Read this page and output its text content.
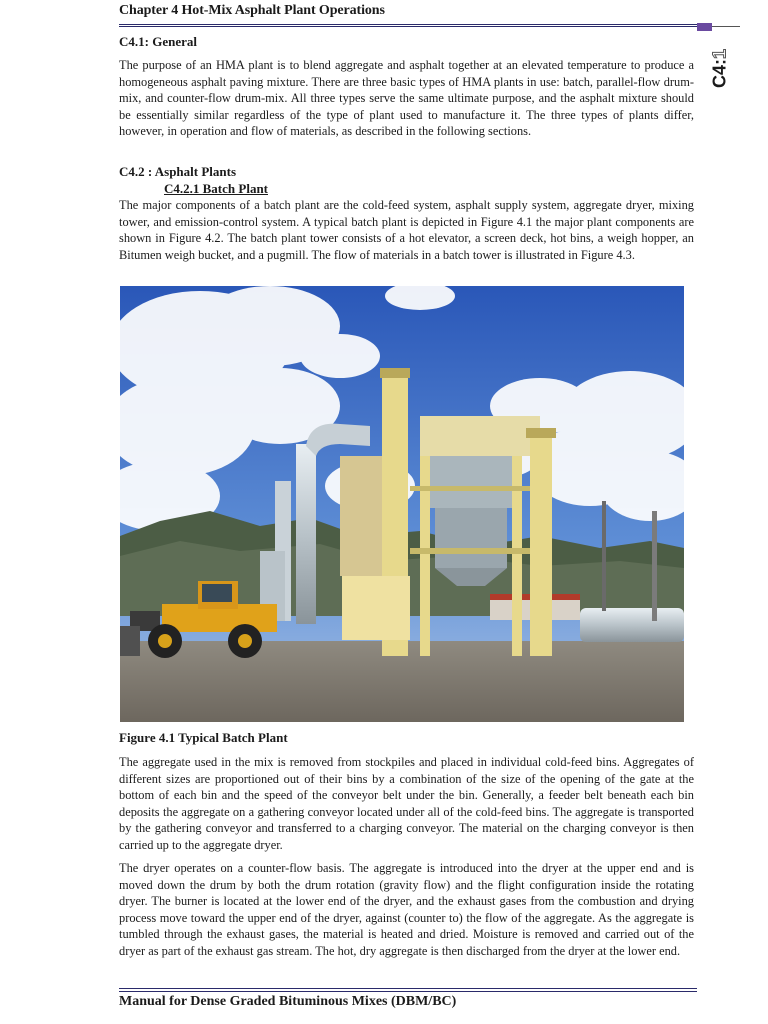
Chapter 4 Hot-Mix Asphalt Plant Operations
C4:1
C4.1: General

The purpose of an HMA plant is to blend aggregate and asphalt together at an elevated temperature to produce a homogeneous asphalt paving mixture. There are three basic types of HMA plants in use: batch, parallel-flow drum-mix, and counter-flow drum-mix. All three types serve the same ultimate purpose, and the asphalt mixture should be essentially similar regardless of the type of plant used to manufacture it. The three types of plants differ, however, in operation and flow of materials, as described in the following sections.

C4.2 : Asphalt Plants
C4.2.1 Batch Plant

The major components of a batch plant are the cold-feed system, asphalt supply system, aggregate dryer, mixing tower, and emission-control system. A typical batch plant is depicted in Figure 4.1 the major plant components are shown in Figure 4.2. The batch plant tower consists of a hot elevator, a screen deck, hot bins, a weigh hopper, an Bitumen weigh bucket, and a pugmill. The flow of materials in a batch tower is illustrated in Figure 4.3.

Figure 4.1 Typical Batch Plant

The aggregate used in the mix is removed from stockpiles and placed in individual cold-feed bins. Aggregates of different sizes are proportioned out of their bins by a combination of the size of the opening of the gate at the bottom of each bin and the speed of the conveyor belt under the bin. Generally, a feeder belt beneath each bin deposits the aggregate on a gathering conveyor located under all of the cold-feed bins. The aggregate is transported by the gathering conveyor and transferred to a charging conveyor. The material on the charging conveyor is then carried up to the aggregate dryer.

The dryer operates on a counter-flow basis. The aggregate is introduced into the dryer at the upper end and is moved down the drum by both the drum rotation (gravity flow) and the flight configuration inside the rotating dryer. The burner is located at the lower end of the dryer, and the exhaust gases from the combustion and drying process move toward the upper end of the dryer, against (counter to) the flow of the aggregate. As the aggregate is tumbled through the exhaust gases, the material is heated and dried. Moisture is removed and carried out of the dryer as part of the exhaust gas stream. The hot, dry aggregate is then discharged from the dryer at the lower end.

Manual for Dense Graded Bituminous Mixes (DBM/BC)
